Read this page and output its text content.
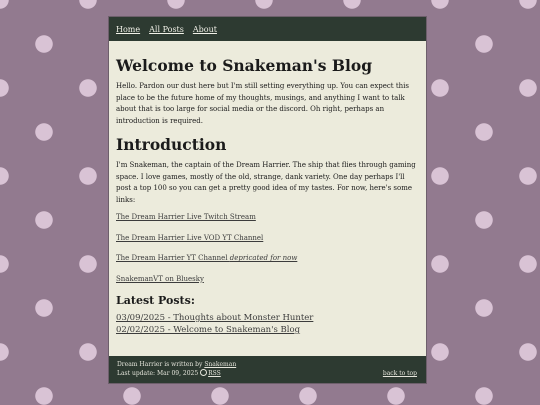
Home All Posts About
Welcome to Snakeman's Blog

Hello. Pardon our dust here but I'm still setting everything up. You can expect this place to be the future home of my thoughts, musings, and anything I want to talk about that is too large for social media or the discord. Oh right, perhaps an introduction is required.

Introduction

I'm Snakeman, the captain of the Dream Harrier. The ship that flies through gaming space. I love games, mostly of the old, strange, dank variety. One day perhaps I'll post a top 100 so you can get a pretty good idea of my tastes. For now, here's some links:

The Dream Harrier Live Twitch Stream

The Dream Harrier Live VOD YT Channel

The Dream Harrier YT Channel depricated for now

SnakemanVT on Bluesky

Latest Posts:
03/09/2025 - Thoughts about Monster Hunter
02/02/2025 - Welcome to Snakeman's Blog
Dream Harrier is written by Snakeman
Last update: Mar 09, 2025 RSS	back to top
